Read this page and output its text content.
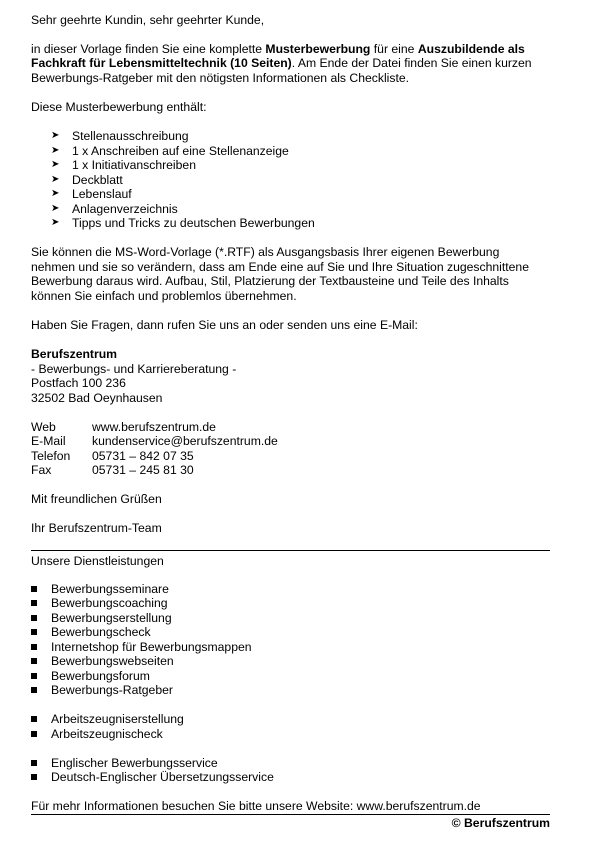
Sehr geehrte Kundin, sehr geehrter Kunde,
in dieser Vorlage finden Sie eine komplette Musterbewerbung für eine Auszubildende als
Fachkraft für Lebensmitteltechnik (10 Seiten). Am Ende der Datei finden Sie einen kurzen
Bewerbungs-Ratgeber mit den nötigsten Informationen als Checkliste.
Diese Musterbewerbung enthält:
➤ Stellenausschreibung
➤ 1 x Anschreiben auf eine Stellenanzeige
➤ 1 x Initiativanschreiben
➤ Deckblatt
➤ Lebenslauf
➤ Anlagenverzeichnis
➤ Tipps und Tricks zu deutschen Bewerbungen
Sie können die MS-Word-Vorlage (*.RTF) als Ausgangsbasis Ihrer eigenen Bewerbung
nehmen und sie so verändern, dass am Ende eine auf Sie und Ihre Situation zugeschnittene
Bewerbung daraus wird. Aufbau, Stil, Platzierung der Textbausteine und Teile des Inhalts
können Sie einfach und problemlos übernehmen.
Haben Sie Fragen, dann rufen Sie uns an oder senden uns eine E-Mail:
Berufszentrum
- Bewerbungs- und Karriereberatung -
Postfach 100 236
32502 Bad Oeynhausen
Web	www.berufszentrum.de
E-Mail kundenservice@berufszentrum.de
Telefon 05731 – 842 07 35
Fax	05731 – 245 81 30
Mit freundlichen Grüßen
Ihr Berufszentrum-Team
Unsere Dienstleistungen
Bewerbungsseminare
Bewerbungscoaching
Bewerbungserstellung
Bewerbungscheck
Internetshop für Bewerbungsmappen
Bewerbungswebseiten
Bewerbungsforum
Bewerbungs-Ratgeber
Arbeitszeugniserstellung
Arbeitszeugnischeck
Englischer Bewerbungsservice
Deutsch-Englischer Übersetzungsservice
Für mehr Informationen besuchen Sie bitte unsere Website: www.berufszentrum.de
© Berufszentrum
